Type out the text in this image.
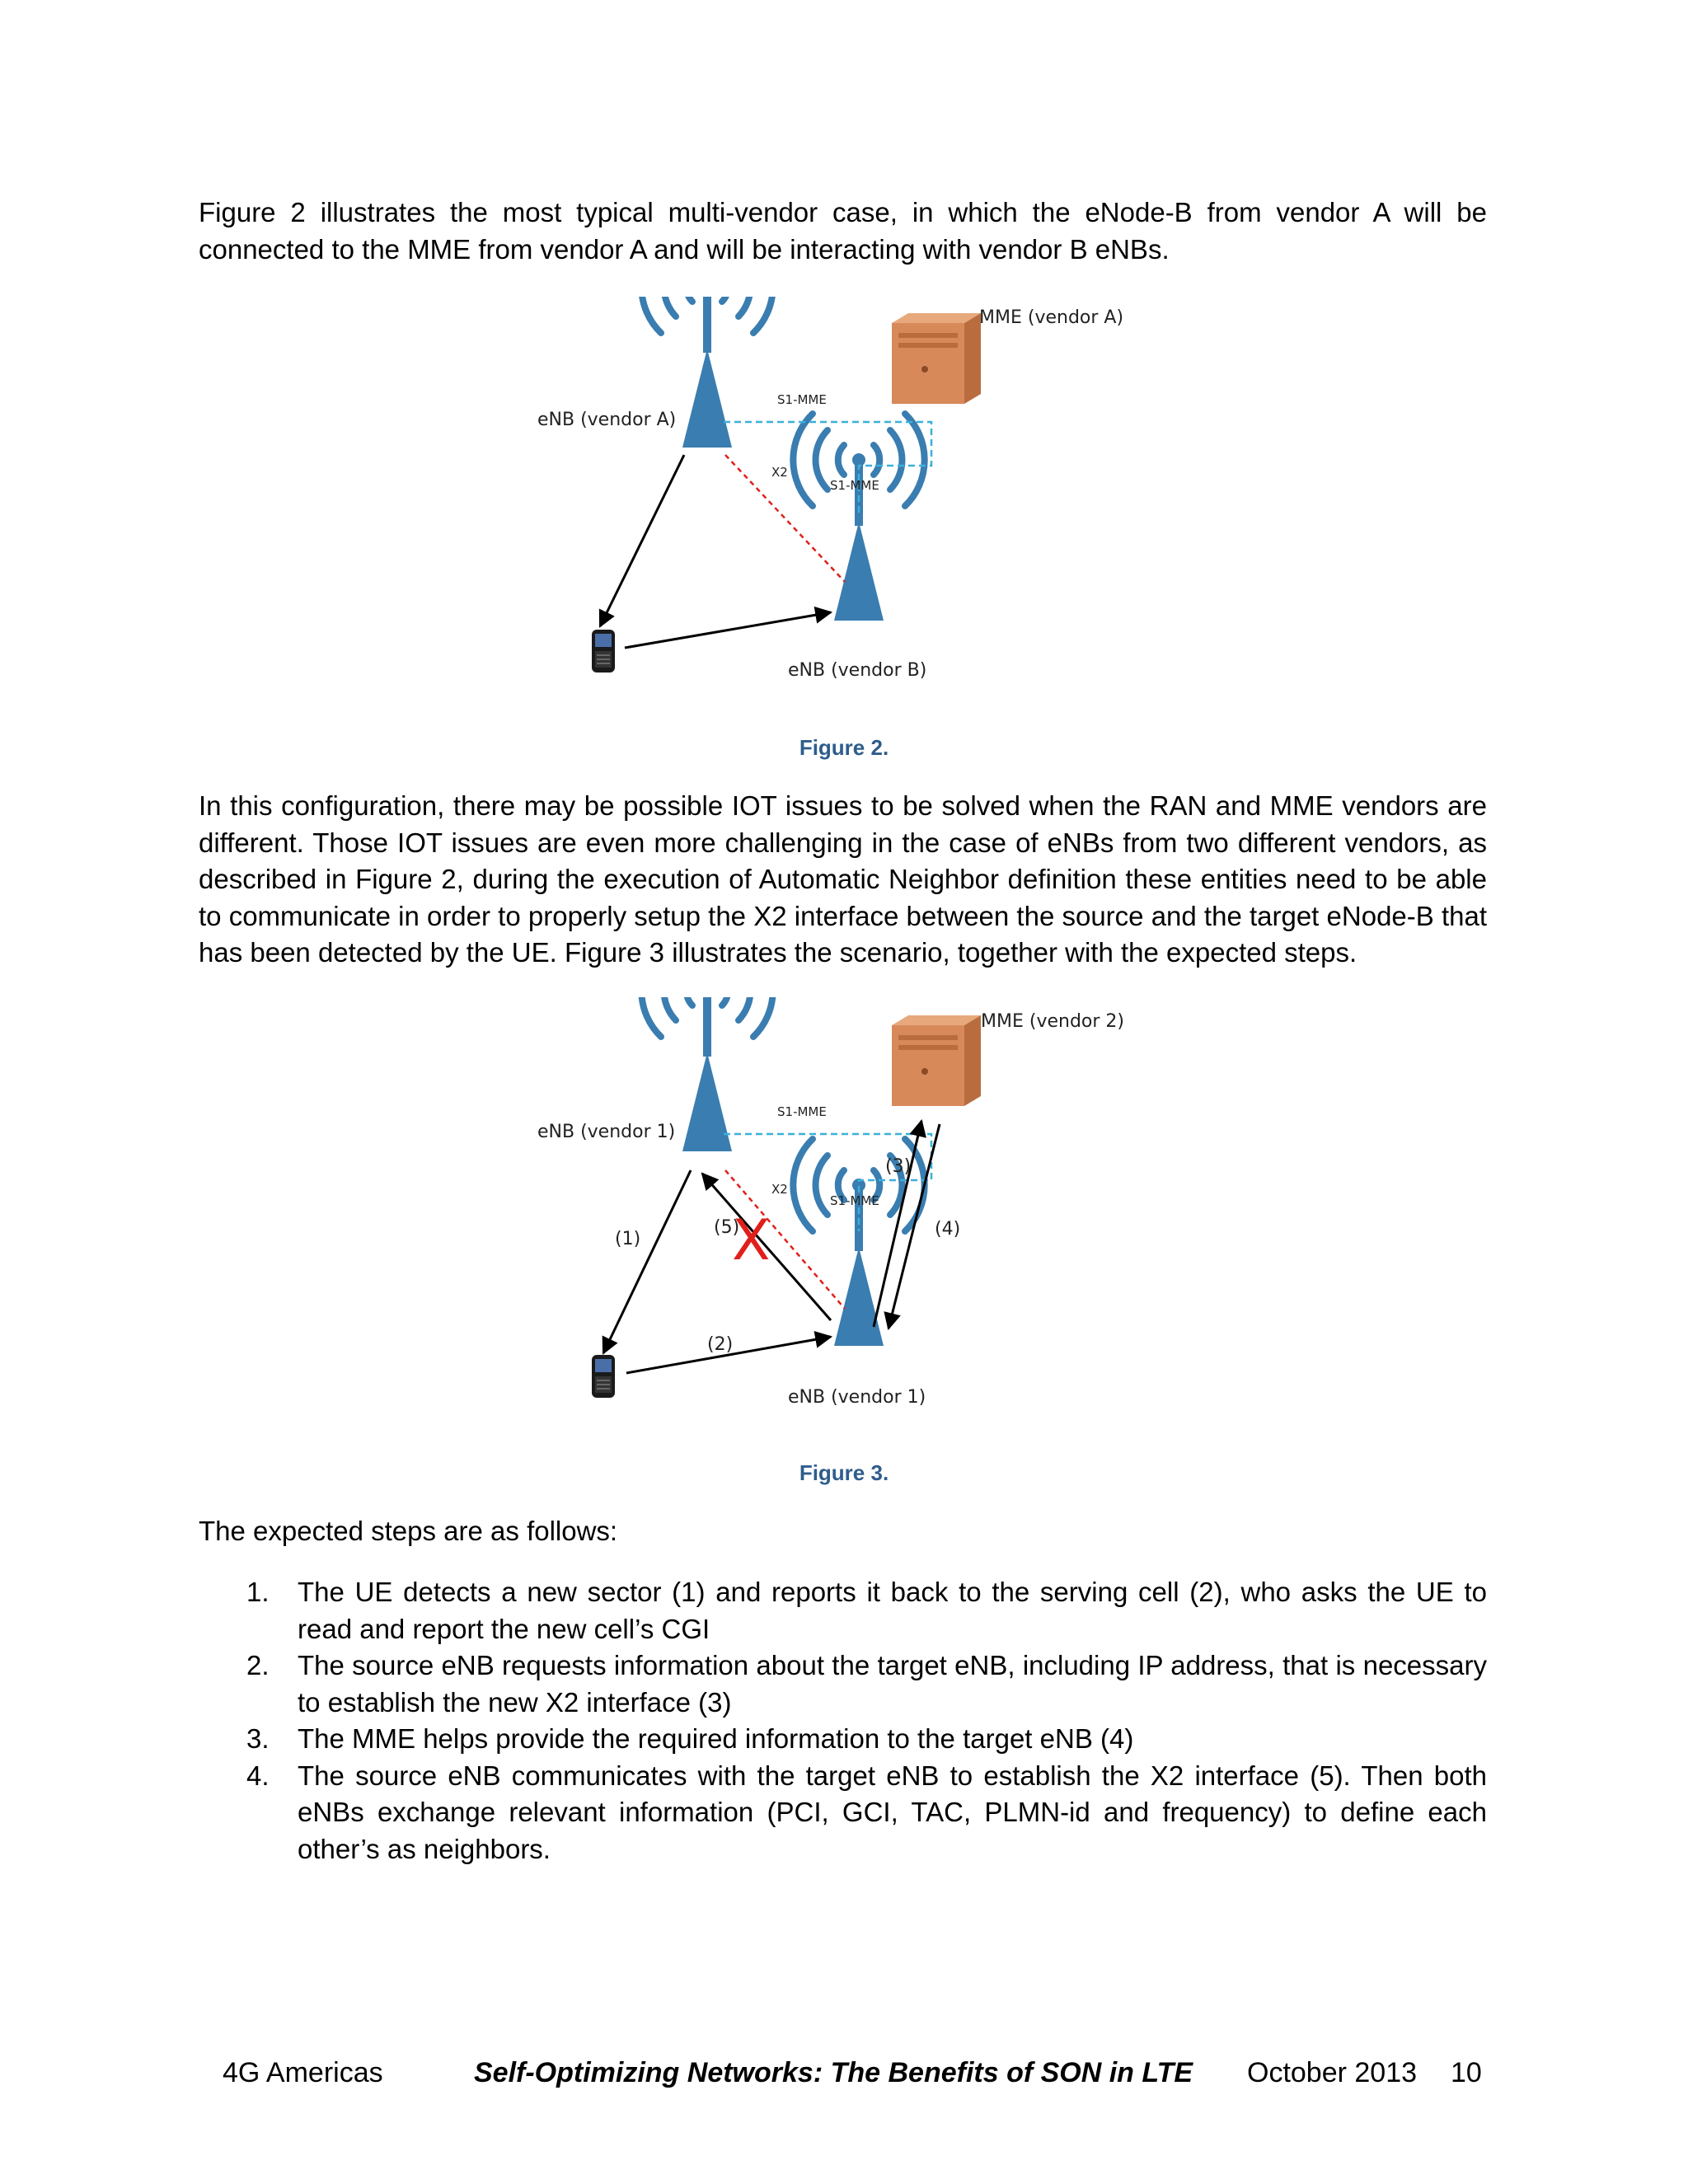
Figure 2 illustrates the most typical multi-vendor case, in which the eNode-B from vendor A will be connected to the MME from vendor A and will be interacting with vendor B eNBs.

eNB (vendor A)
eNB (vendor B)
MME (vendor A)
S1-MME
S1-MME
X2
Figure 2.

In this configuration, there may be possible IOT issues to be solved when the RAN and MME vendors are different. Those IOT issues are even more challenging in the case of eNBs from two different vendors, as described in Figure 2, during the execution of Automatic Neighbor definition these entities need to be able to communicate in order to properly setup the X2 interface between the source and the target eNode-B that has been detected by the UE. Figure 3 illustrates the scenario, together with the expected steps.

X
eNB (vendor 1)
eNB (vendor 1)
MME (vendor 2)
S1-MME
S1-MME
X2
(1)
(2)
(3)
(4)
(5)
Figure 3.

The expected steps are as follows:

1. The UE detects a new sector (1) and reports it back to the serving cell (2), who asks the UE to read and report the new cell’s CGI
2. The source eNB requests information about the target eNB, including IP address, that is necessary to establish the new X2 interface (3)
3. The MME helps provide the required information to the target eNB (4)
4. The source eNB communicates with the target eNB to establish the X2 interface (5). Then both eNBs exchange relevant information (PCI, GCI, TAC, PLMN-id and frequency) to define each other’s as neighbors.
4G Americas	Self-Optimizing Networks: The Benefits of SON in LTE	October 2013	10
